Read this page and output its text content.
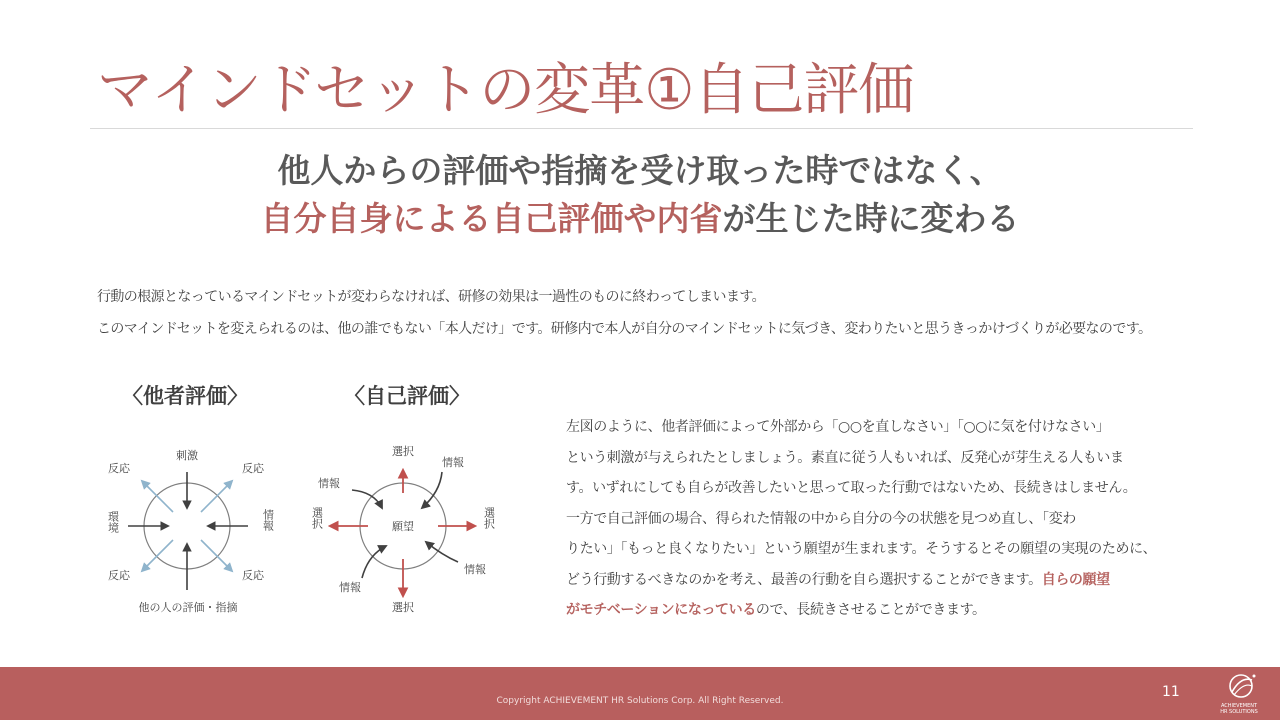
マインドセットの変革①自己評価
他人からの評価や指摘を受け取った時ではなく、
自分自身による自己評価や内省が生じた時に変わる
行動の根源となっているマインドセットが変わらなければ、研修の効果は一過性のものに終わってしまいます。
このマインドセットを変えられるのは、他の誰でもない「本人だけ」です。研修内で本人が自分のマインドセットに気づき、変わりたいと思うきっかけづくりが必要なのです。
〈他者評価〉	〈自己評価〉
刺激
他の人の評価・指摘
反応	反応
反応	反応
環境	情報	願望
選択
選択
選択	選択
情報
情報
情報
情報
左図のように、他者評価によって外部から「○○を直しなさい」「○○に気を付けなさい」
という刺激が与えられたとしましょう。素直に従う人もいれば、反発心が芽生える人もいま
す。いずれにしても自らが改善したいと思って取った行動ではないため、長続きはしません。
一方で自己評価の場合、得られた情報の中から自分の今の状態を見つめ直し、「変わ
りたい」「もっと良くなりたい」という願望が生まれます。そうするとその願望の実現のために、
どう行動するべきなのかを考え、最善の行動を自ら選択することができます。自らの願望
がモチベーションになっているので、長続きさせることができます。
Copyright ACHIEVEMENT HR Solutions Corp. All Right Reserved.
11
ACHIEVEMENT
HR SOLUTIONS
